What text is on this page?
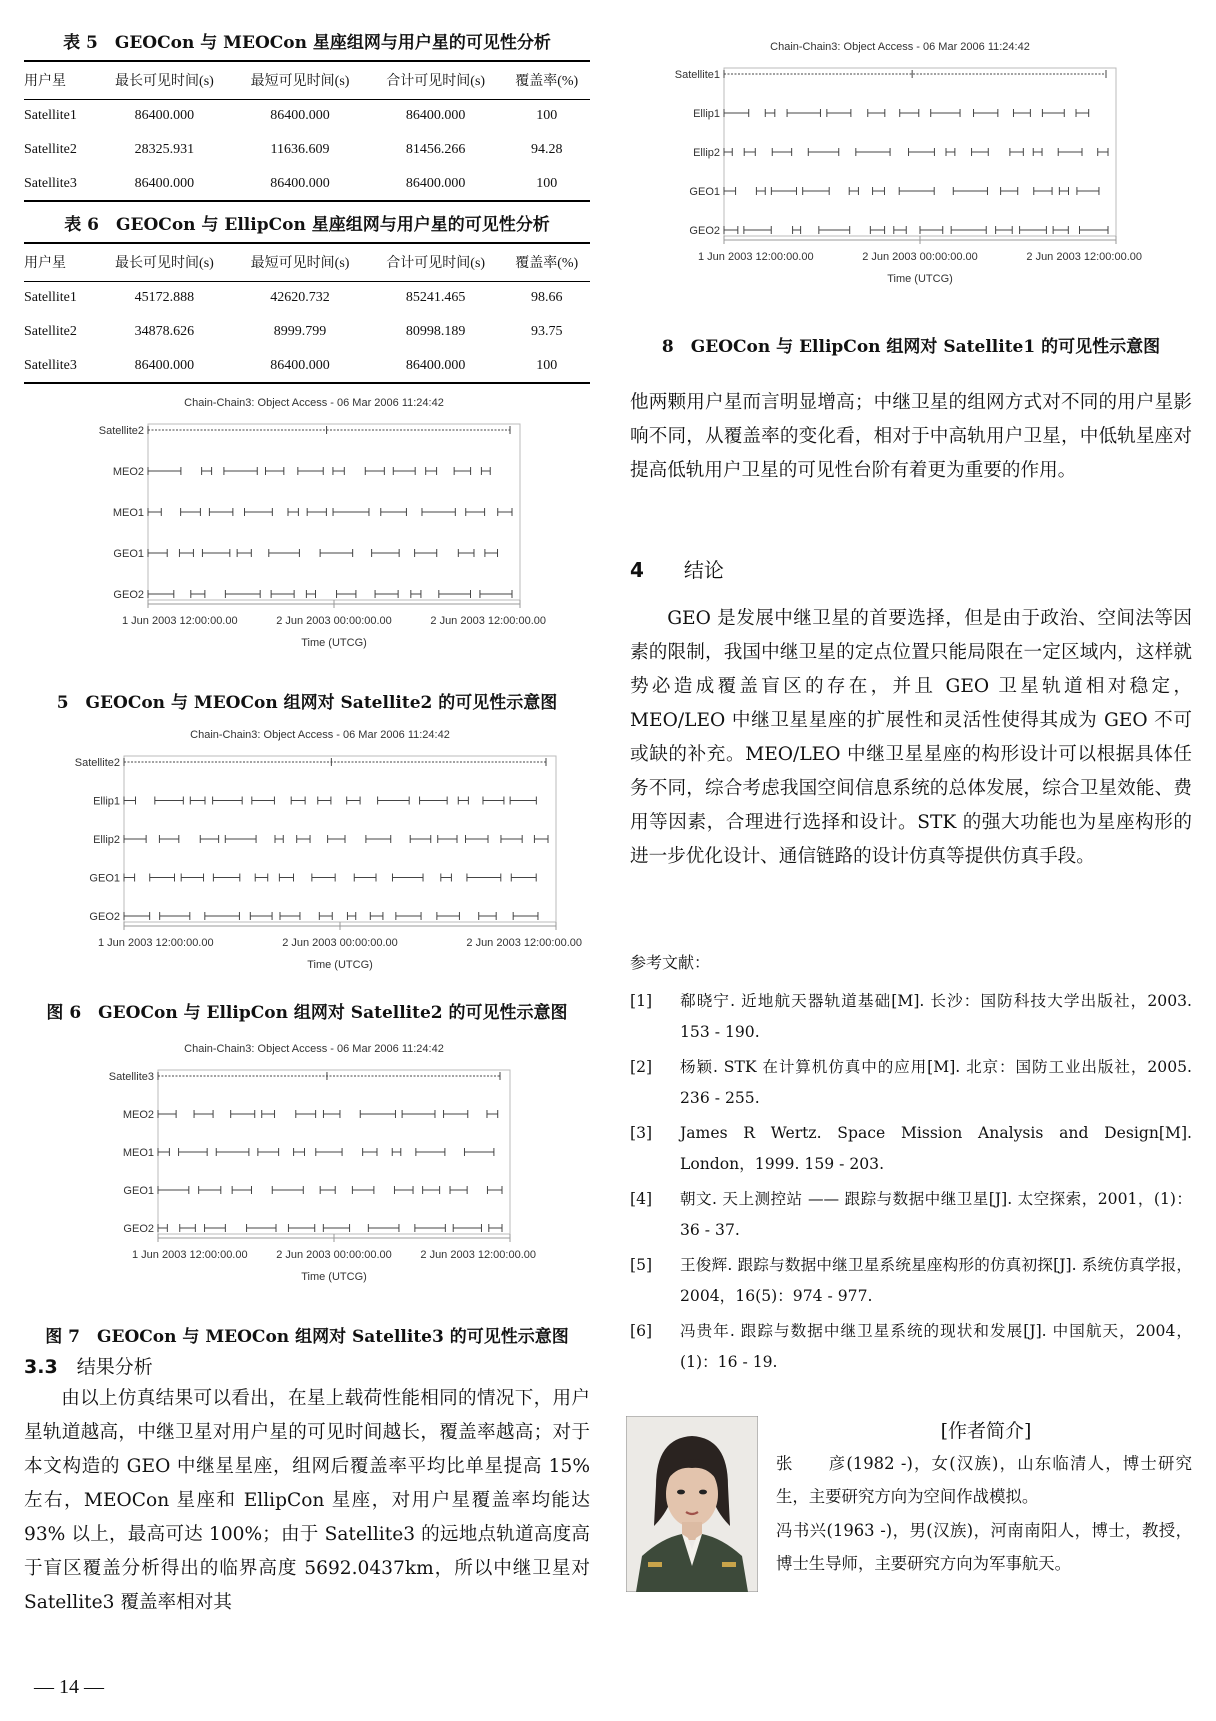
表 5　 GEOCon 与 MEOCon 星座组网与用户星的可见性分析
用户星	最长可见时间(s)	最短可见时间(s)	合计可见时间(s)	覆盖率(%)
Satellite1	86400.000	86400.000	86400.000	100
Satellite2	28325.931	11636.609	81456.266	94.28
Satellite3	86400.000	86400.000	86400.000	100
表 6　 GEOCon 与 EllipCon 星座组网与用户星的可见性分析
用户星	最长可见时间(s)	最短可见时间(s)	合计可见时间(s)	覆盖率(%)
Satellite1	45172.888	42620.732	85241.465	98.66
Satellite2	34878.626	8999.799	80998.189	93.75
Satellite3	86400.000	86400.000	86400.000	100
Chain-Chain3: Object Access - 06 Mar 2006 11:24:42
Satellite2
MEO2
MEO1
GEO1
GEO2
1 Jun 2003 12:00:00.00	2 Jun 2003 00:00:00.00	2 Jun 2003 12:00:00.00
Time (UTCG)
5　GEOCon 与 MEOCon 组网对 Satellite2 的可见性示意图
Chain-Chain3: Object Access - 06 Mar 2006 11:24:42
Satellite2
Ellip1
Ellip2
GEO1
GEO2
1 Jun 2003 12:00:00.00	2 Jun 2003 00:00:00.00	2 Jun 2003 12:00:00.00
Time (UTCG)
图 6　GEOCon 与 EllipCon 组网对 Satellite2 的可见性示意图
Chain-Chain3: Object Access - 06 Mar 2006 11:24:42
Satellite3
MEO2
MEO1
GEO1
GEO2
1 Jun 2003 12:00:00.00	2 Jun 2003 00:00:00.00	2 Jun 2003 12:00:00.00
Time (UTCG)
图 7　GEOCon 与 MEOCon 组网对 Satellite3 的可见性示意图
3.3　 结果分析

由以上仿真结果可以看出，在星上载荷性能相同的情况下，用户星轨道越高，中继卫星对用户星的可见时间越长，覆盖率越高；对于本文构造的 GEO 中继星星座，组网后覆盖率平均比单星提高 15% 左右，MEOCon 星座和 EllipCon 星座，对用户星覆盖率均能达 93% 以上，最高可达 100%；由于 Satellite3 的远地点轨道高度高于盲区覆盖分析得出的临界高度 5692.0437km，所以中继卫星对 Satellite3 覆盖率相对其

— 14 —
Chain-Chain3: Object Access - 06 Mar 2006 11:24:42
Satellite1
Ellip1
Ellip2
GEO1
GEO2
1 Jun 2003 12:00:00.00	2 Jun 2003 00:00:00.00	2 Jun 2003 12:00:00.00
Time (UTCG)
8　GEOCon 与 EllipCon 组网对 Satellite1 的可见性示意图

他两颗用户星而言明显增高；中继卫星的组网方式对不同的用户星影响不同，从覆盖率的变化看，相对于中高轨用户卫星，中低轨星座对提高低轨用户卫星的可见性台阶有着更为重要的作用。

4　　 结论

GEO 是发展中继卫星的首要选择，但是由于政治、空间法等因素的限制，我国中继卫星的定点位置只能局限在一定区域内，这样就势必造成覆盖盲区的存在，并且 GEO 卫星轨道相对稳定，MEO/LEO 中继卫星星座的扩展性和灵活性使得其成为 GEO 不可或缺的补充。MEO/LEO 中继卫星星座的构形设计可以根据具体任务不同，综合考虑我国空间信息系统的总体发展，综合卫星效能、费用等因素，合理进行选择和设计。STK 的强大功能也为星座构形的进一步优化设计、通信链路的设计仿真等提供仿真手段。

参考文献：
[1]	郗晓宁. 近地航天器轨道基础[M]. 长沙：国防科技大学出版社，2003. 153 - 190.
[2]	杨颖. STK 在计算机仿真中的应用[M]. 北京：国防工业出版社，2005. 236 - 255.
[3]	James R Wertz. Space Mission Analysis and Design[M]. London，1999. 159 - 203.
[4]	朝文. 天上测控站 —— 跟踪与数据中继卫星[J]. 太空探索，2001，(1)：36 - 37.
[5]	王俊辉. 跟踪与数据中继卫星系统星座构形的仿真初探[J]. 系统仿真学报，2004，16(5)：974 - 977.
[6]	冯贵年. 跟踪与数据中继卫星系统的现状和发展[J]. 中国航天，2004，(1)：16 - 19.
[作者简介]

张　　彦(1982 -)，女(汉族)，山东临清人，博士研究生，主要研究方向为空间作战模拟。

冯书兴(1963 -)，男(汉族)，河南南阳人，博士，教授，博士生导师，主要研究方向为军事航天。
